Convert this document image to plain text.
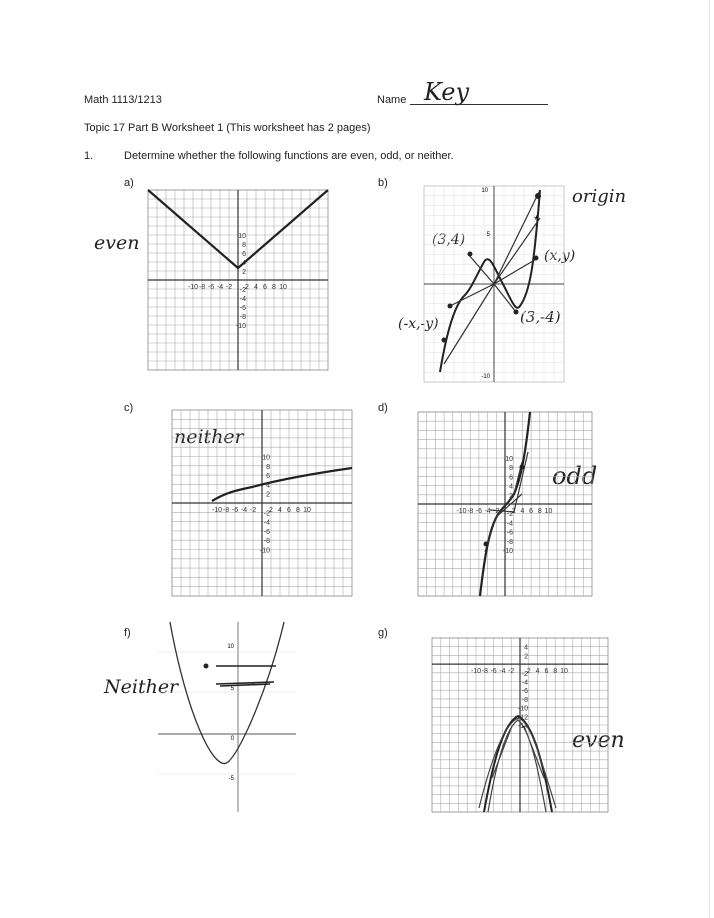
Math 1113/1213	Name Key
Topic 17 Part B Worksheet 1 (This worksheet has 2 pages)
1.	Determine whether the following functions are even, odd, or neither.
a)	b)
c)	d)
f)	g)
even
origin
neither
odd
Neither
even
(3,4)
(x,y)
(-x,-y)	(3,-4)
-10 -8 -6 -4 -2 2 4 6 8 10
10
8
6
4
2
-2
-4
-6
-8
-10
-10 -8 -6 -4 -2 2 4 6 8 10
10
8
6
4
2
-2
-4
-6
-8
-10
-10 -8 -6 -4 -2 2 4 6 8 10
10
8
6
4
2
-2
-4
-6
-8
-10
-10 -8 -6 -4 -2 2 4 6 8 10
4
2
-2
-4
-6
-8
-10
-12
-14
10
5
-10
*
10
5
0
-5
